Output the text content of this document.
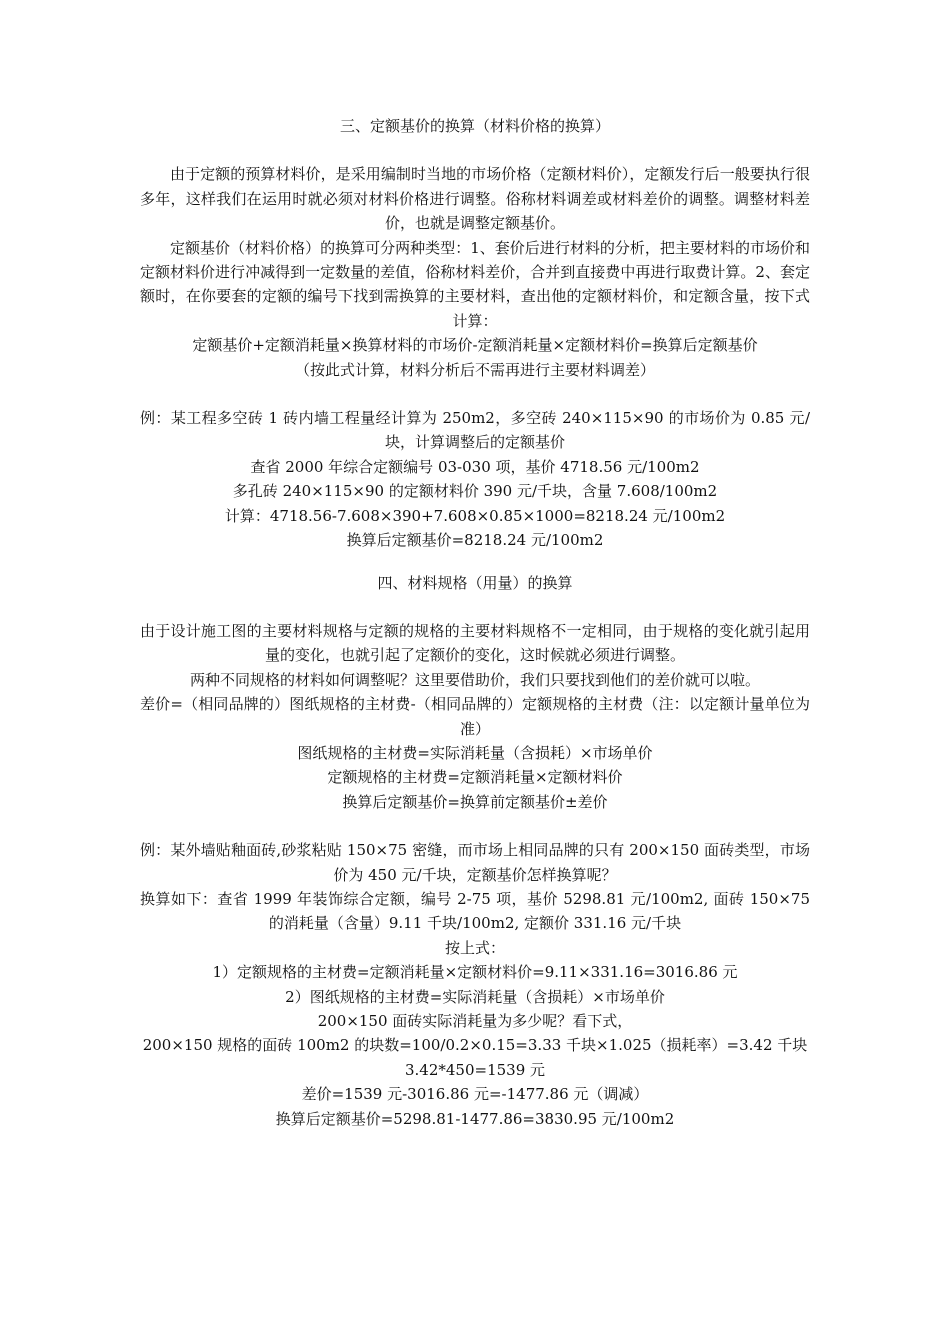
三、定额基价的换算（材料价格的换算）

由于定额的预算材料价，是采用编制时当地的市场价格（定额材料价），定额发行后一般要执行很多年，这样我们在运用时就必须对材料价格进行调整。俗称材料调差或材料差价的调整。调整材料差价，也就是调整定额基价。

定额基价（材料价格）的换算可分两种类型：1、套价后进行材料的分析，把主要材料的市场价和定额材料价进行冲减得到一定数量的差值，俗称材料差价，合并到直接费中再进行取费计算。2、套定额时，在你要套的定额的编号下找到需换算的主要材料，查出他的定额材料价，和定额含量，按下式计算：

定额基价+定额消耗量×换算材料的市场价-定额消耗量×定额材料价=换算后定额基价
（按此式计算，材料分析后不需再进行主要材料调差）

例：某工程多空砖 1 砖内墙工程量经计算为 250m2，多空砖 240×115×90 的市场价为 0.85 元/块，计算调整后的定额基价

查省 2000 年综合定额编号 03-030 项，基价 4718.56 元/100m2
多孔砖 240×115×90 的定额材料价 390 元/千块，含量 7.608/100m2
计算：4718.56-7.608×390+7.608×0.85×1000=8218.24 元/100m2
换算后定额基价=8218.24 元/100m2
四、材料规格（用量）的换算

由于设计施工图的主要材料规格与定额的规格的主要材料规格不一定相同，由于规格的变化就引起用量的变化，也就引起了定额价的变化，这时候就必须进行调整。

两种不同规格的材料如何调整呢？这里要借助价，我们只要找到他们的差价就可以啦。

差价=（相同品牌的）图纸规格的主材费-（相同品牌的）定额规格的主材费（注：以定额计量单位为准）

图纸规格的主材费=实际消耗量（含损耗）×市场单价
定额规格的主材费=定额消耗量×定额材料价
换算后定额基价=换算前定额基价±差价

例：某外墙贴釉面砖,砂浆粘贴 150×75 密缝，而市场上相同品牌的只有 200×150 面砖类型，市场价为 450 元/千块，定额基价怎样换算呢？

换算如下：查省 1999 年装饰综合定额，编号 2-75 项，基价 5298.81 元/100m2, 面砖 150×75 的消耗量（含量）9.11 千块/100m2, 定额价 331.16 元/千块

按上式：
1）定额规格的主材费=定额消耗量×定额材料价=9.11×331.16=3016.86 元
2）图纸规格的主材费=实际消耗量（含损耗）×市场单价
200×150 面砖实际消耗量为多少呢？看下式，

200×150 规格的面砖 100m2 的块数=100/0.2×0.15=3.33 千块×1.025（损耗率）=3.42 千块

3.42*450=1539 元
差价=1539 元-3016.86 元=-1477.86 元（调减）
换算后定额基价=5298.81-1477.86=3830.95 元/100m2
